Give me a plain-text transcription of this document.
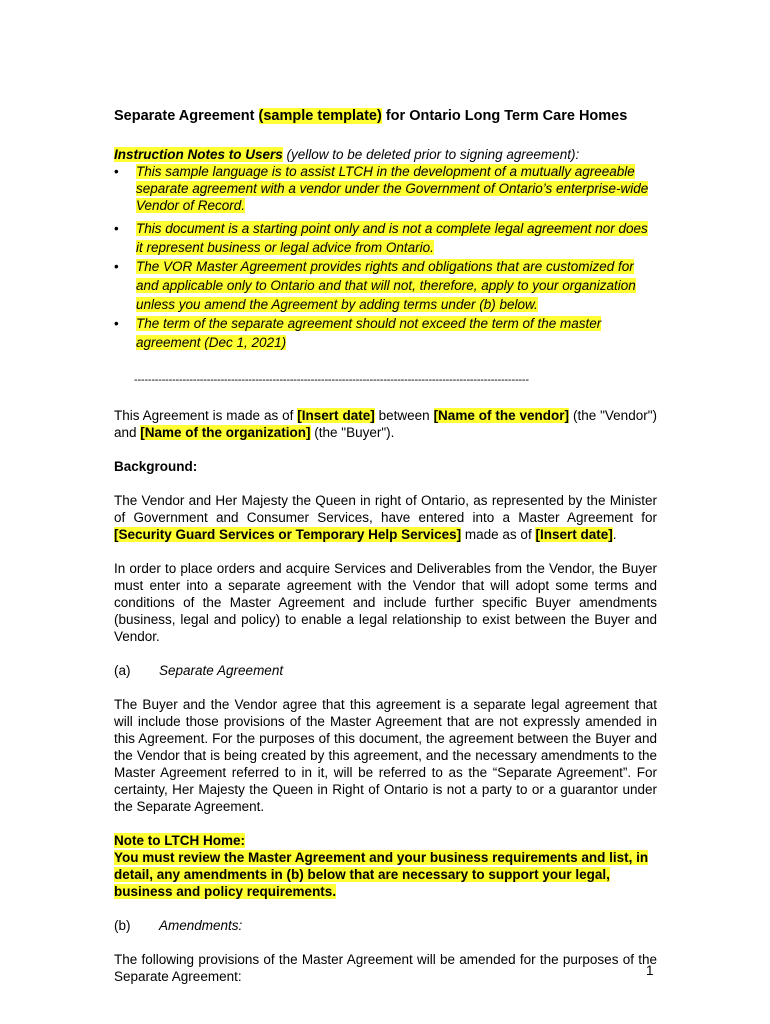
Separate Agreement (sample template) for Ontario Long Term Care Homes

Instruction Notes to Users (yellow to be deleted prior to signing agreement):

• This sample language is to assist LTCH in the development of a mutually agreeable separate agreement with a vendor under the Government of Ontario’s enterprise-wide Vendor of Record.
• This document is a starting point only and is not a complete legal agreement nor does it represent business or legal advice from Ontario.
• The VOR Master Agreement provides rights and obligations that are customized for and applicable only to Ontario and that will not, therefore, apply to your organization unless you amend the Agreement by adding terms under (b) below.
• The term of the separate agreement should not exceed the term of the master agreement (Dec 1, 2021)
------------------------------------------------------------------------------------------------------------------

This Agreement is made as of [Insert date] between [Name of the vendor] (the "Vendor") and [Name of the organization] (the "Buyer").

Background:

The Vendor and Her Majesty the Queen in right of Ontario, as represented by the Minister of Government and Consumer Services, have entered into a Master Agreement for [Security Guard Services or Temporary Help Services] made as of [Insert date].

In order to place orders and acquire Services and Deliverables from the Vendor, the Buyer must enter into a separate agreement with the Vendor that will adopt some terms and conditions of the Master Agreement and include further specific Buyer amendments (business, legal and policy) to enable a legal relationship to exist between the Buyer and Vendor.

(a)	Separate Agreement

The Buyer and the Vendor agree that this agreement is a separate legal agreement that will include those provisions of the Master Agreement that are not expressly amended in this Agreement. For the purposes of this document, the agreement between the Buyer and the Vendor that is being created by this agreement, and the necessary amendments to the Master Agreement referred to in it, will be referred to as the “Separate Agreement”. For certainty, Her Majesty the Queen in Right of Ontario is not a party to or a guarantor under the Separate Agreement.

Note to LTCH Home:
You must review the Master Agreement and your business requirements and list, in detail, any amendments in (b) below that are necessary to support your legal, business and policy requirements.

(b)	Amendments:

The following provisions of the Master Agreement will be amended for the purposes of the Separate Agreement:	1
